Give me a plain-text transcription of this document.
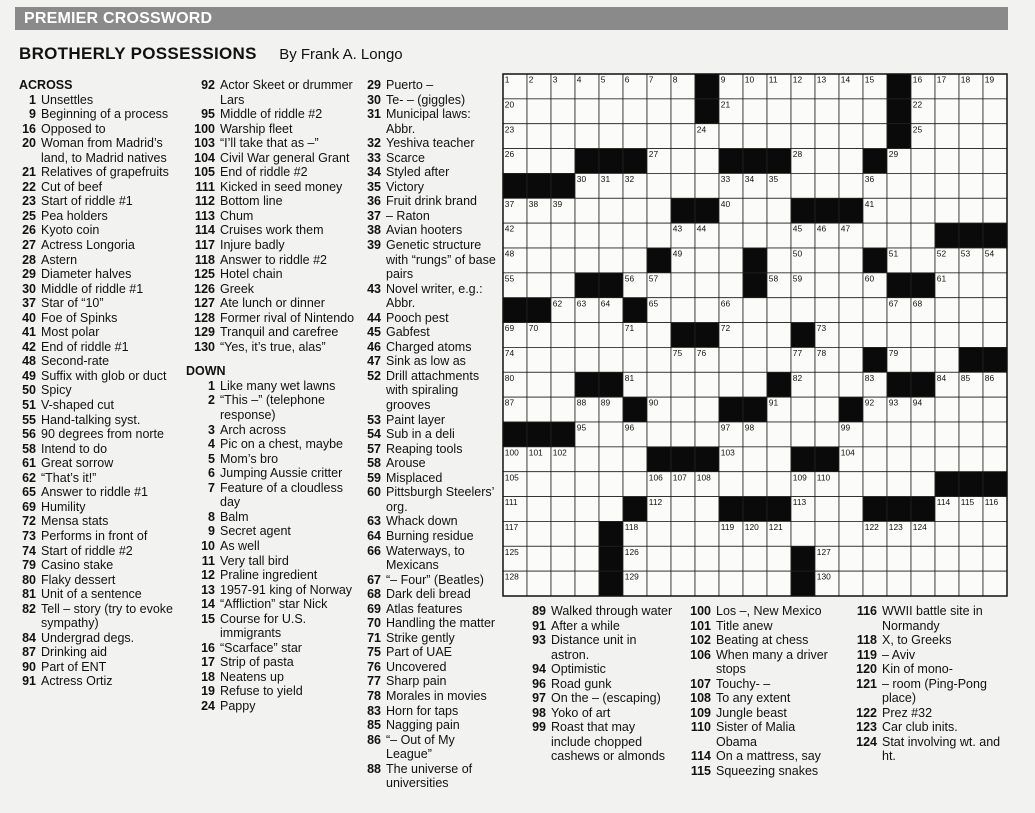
PREMIER CROSSWORD
BROTHERLY POSSESSIONS By Frank A. Longo
ACROSS
1 Unsettles
9 Beginning of a process
16 Opposed to
20 Woman from Madrid’s land, to Madrid natives
21 Relatives of grapefruits
22 Cut of beef
23 Start of riddle #1
25 Pea holders
26 Kyoto coin
27 Actress Longoria
28 Astern
29 Diameter halves
30 Middle of riddle #1
37 Star of “10”
40 Foe of Spinks
41 Most polar
42 End of riddle #1
48 Second-rate
49 Suffix with glob or duct
50 Spicy
51 V-shaped cut
55 Hand-talking syst.
56 90 degrees from norte
58 Intend to do
61 Great sorrow
62 “That’s it!”
65 Answer to riddle #1
69 Humility
72 Mensa stats
73 Performs in front of
74 Start of riddle #2
79 Casino stake
80 Flaky dessert
81 Unit of a sentence
82 Tell – story (try to evoke sympathy)
84 Undergrad degs.
87 Drinking aid
90 Part of ENT
91 Actress Ortiz
92 Actor Skeet or drummer Lars
95 Middle of riddle #2
100 Warship fleet
103 “I’ll take that as –”
104 Civil War general Grant
105 End of riddle #2
111 Kicked in seed money
112 Bottom line
113 Chum
114 Cruises work them
117 Injure badly
118 Answer to riddle #2
125 Hotel chain
126 Greek
127 Ate lunch or dinner
128 Former rival of Nintendo
129 Tranquil and carefree
130 “Yes, it’s true, alas”
DOWN
1 Like many wet lawns
2 “This –” (telephone response)
3 Arch across
4 Pic on a chest, maybe
5 Mom’s bro
6 Jumping Aussie critter
7 Feature of a cloudless day
8 Balm
9 Secret agent
10 As well
11 Very tall bird
12 Praline ingredient
13 1957-91 king of Norway
14 “Affliction” star Nick
15 Course for U.S. immigrants
16 “Scarface” star
17 Strip of pasta
18 Neatens up
19 Refuse to yield
24 Pappy
29 Puerto –
30 Te- – (giggles)
31 Municipal laws: Abbr.
32 Yeshiva teacher
33 Scarce
34 Styled after
35 Victory
36 Fruit drink brand
37 – Raton
38 Avian hooters
39 Genetic structure with “rungs” of base pairs
43 Novel writer, e.g.: Abbr.
44 Pooch pest
45 Gabfest
46 Charged atoms
47 Sink as low as
52 Drill attachments with spiraling grooves
53 Paint layer
54 Sub in a deli
57 Reaping tools
58 Arouse
59 Misplaced
60 Pittsburgh Steelers’ org.
63 Whack down
64 Burning residue
66 Waterways, to Mexicans
67 “– Four” (Beatles)
68 Dark deli bread
69 Atlas features
70 Handling the matter
71 Strike gently
75 Part of UAE
76 Uncovered
77 Sharp pain
78 Morales in movies
83 Horn for taps
85 Nagging pain
86 “– Out of My League”
88 The universe of universities
89 Walked through water
91 After a while
93 Distance unit in astron.
94 Optimistic
96 Road gunk
97 On the – (escaping)
98 Yoko of art
99 Roast that may include chopped cashews or almonds
100 Los –, New Mexico
101 Title anew
102 Beating at chess
106 When many a driver stops
107 Touchy- –
108 To any extent
109 Jungle beast
110 Sister of Malia Obama
114 On a mattress, say
115 Squeezing snakes
116 WWII battle site in Normandy
118 X, to Greeks
119 – Aviv
120 Kin of mono-
121 – room (Ping-Pong place)
122 Prez #32
123 Car club inits.
124 Stat involving wt. and ht.
1 2 3 4 5 6 7 8	9 10 11 12 13 14 15	16 17 18 19
20	21	22
23	24	25
26	27	28	29
30 31 32	33 34 35	36
37 38 39	40	41
42	43 44	45 46 47
48	49	50	51	52 53 54
55	56 57	58 59	60	61
62 63 64	65	66	67 68
69 70	71	72	73
74	75 76	77 78	79
80	81	82	83	84 85 86
87	88 89	90	91	92 93 94
95	96	97 98	99
100 101 102	103	104
105	106 107 108	109 110
111	112	113	114 115 116
117	118	119 120 121	122 123 124
125	126	127
128	129	130
